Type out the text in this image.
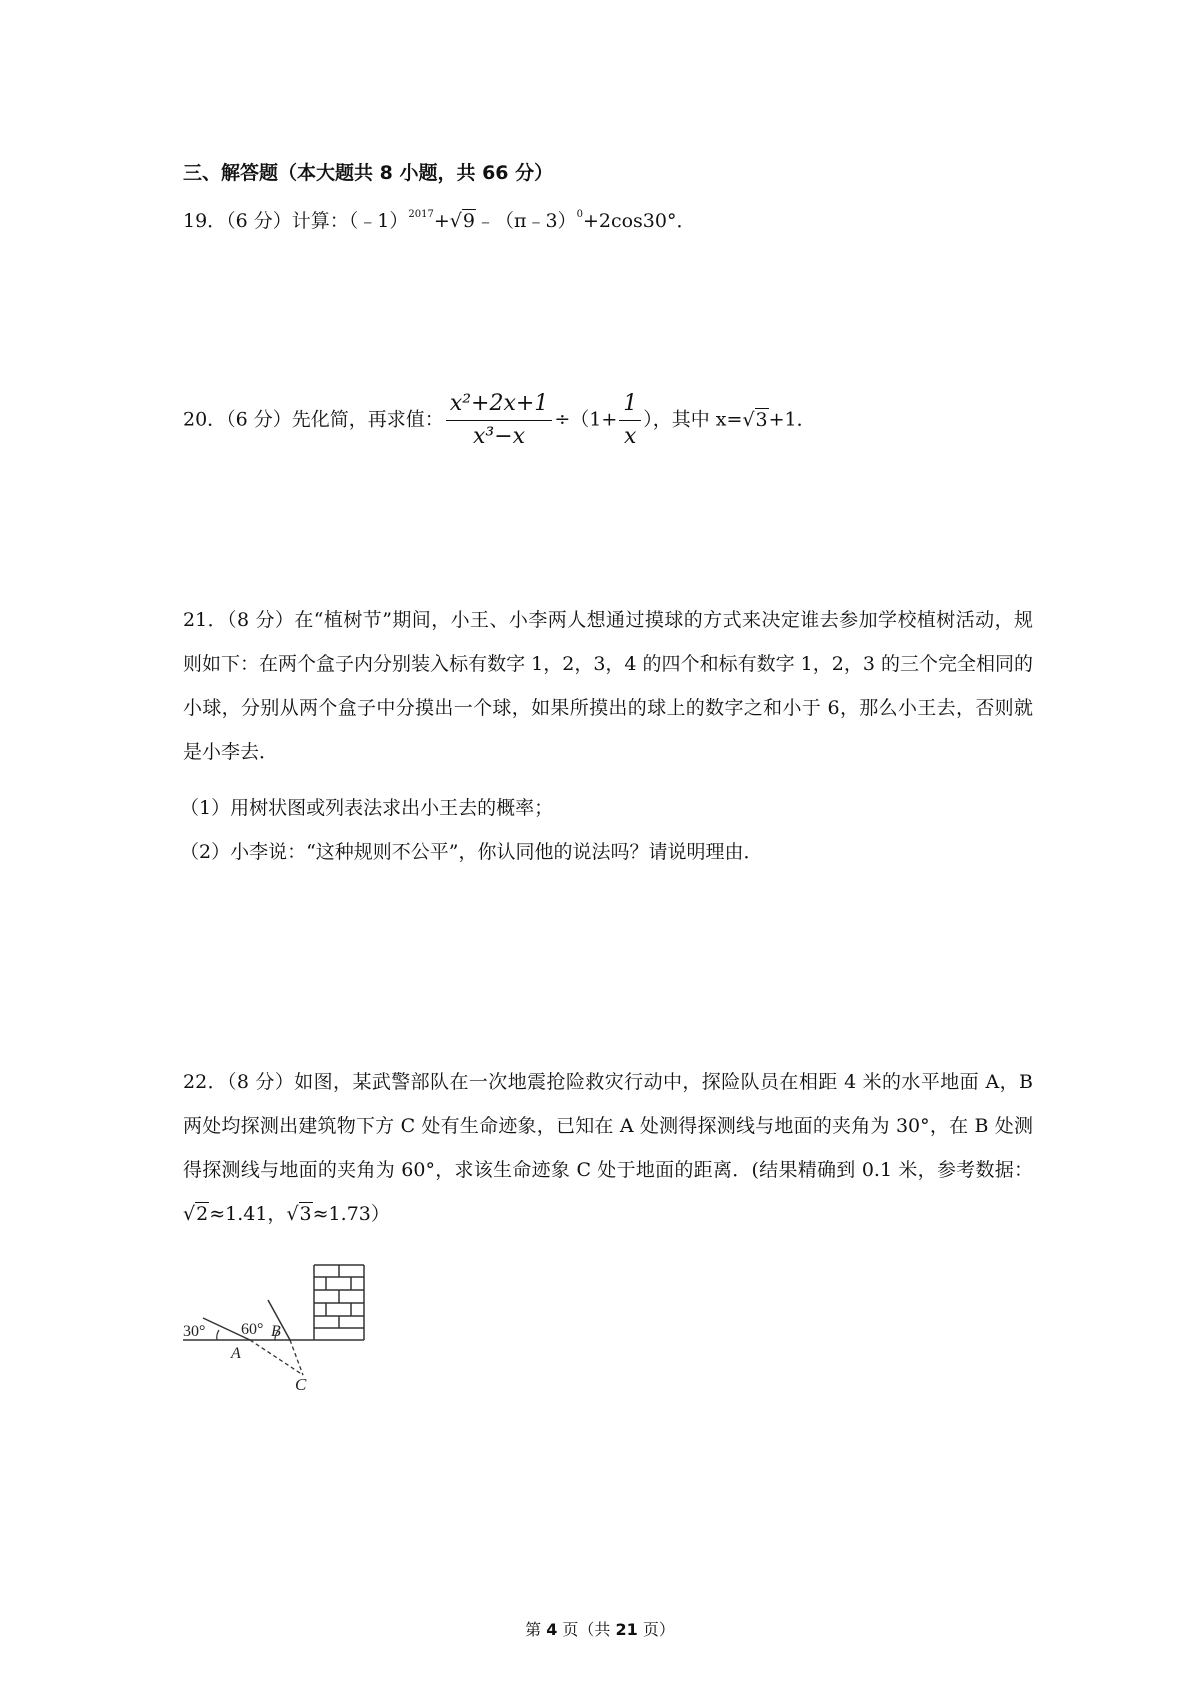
三、解答题（本大题共 8 小题，共 66 分）
19．（6 分）计算：（﹣1）$^{2017}$+√9﹣（π﹣3）$^0$+2cos30°．
20．（6 分）先化简，再求值： $\frac{\text{x²+2x+1}}{\text{x³−x}} \div(1+ \frac{1}{x}$ ），其中 x=√3+1．
21．（8 分）在“植树节”期间，小王、小李两人想通过摸球的方式来决定谁去参加学校植树活动，规则如下：在两个盒子内分别装入标有数字 1，2，3，4 的四个和标有数字 1，2，3 的三个完全相同的小球，分别从两个盒子中分摸出一个球，如果所摸出的球上的数字之和小于 6，那么小王去，否则就是小李去．
（1）用树状图或列表法求出小王去的概率；
（2）小李说：“这种规则不公平”，你认同他的说法吗？请说明理由．
22．（8 分）如图，某武警部队在一次地震抢险救灾行动中，探险队员在相距 4 米的水平地面 A，B 两处均探测出建筑物下方 C 处有生命迹象，已知在 A 处测得探测线与地面的夹角为 30°，在 B 处测得探测线与地面的夹角为 60°，求该生命迹象 C 处于地面的距离．(结果精确到 0.1 米，参考数据：√2≈1.41，√3≈1.73）
30° 60° B
A
C
第 4 页（共 21 页）
